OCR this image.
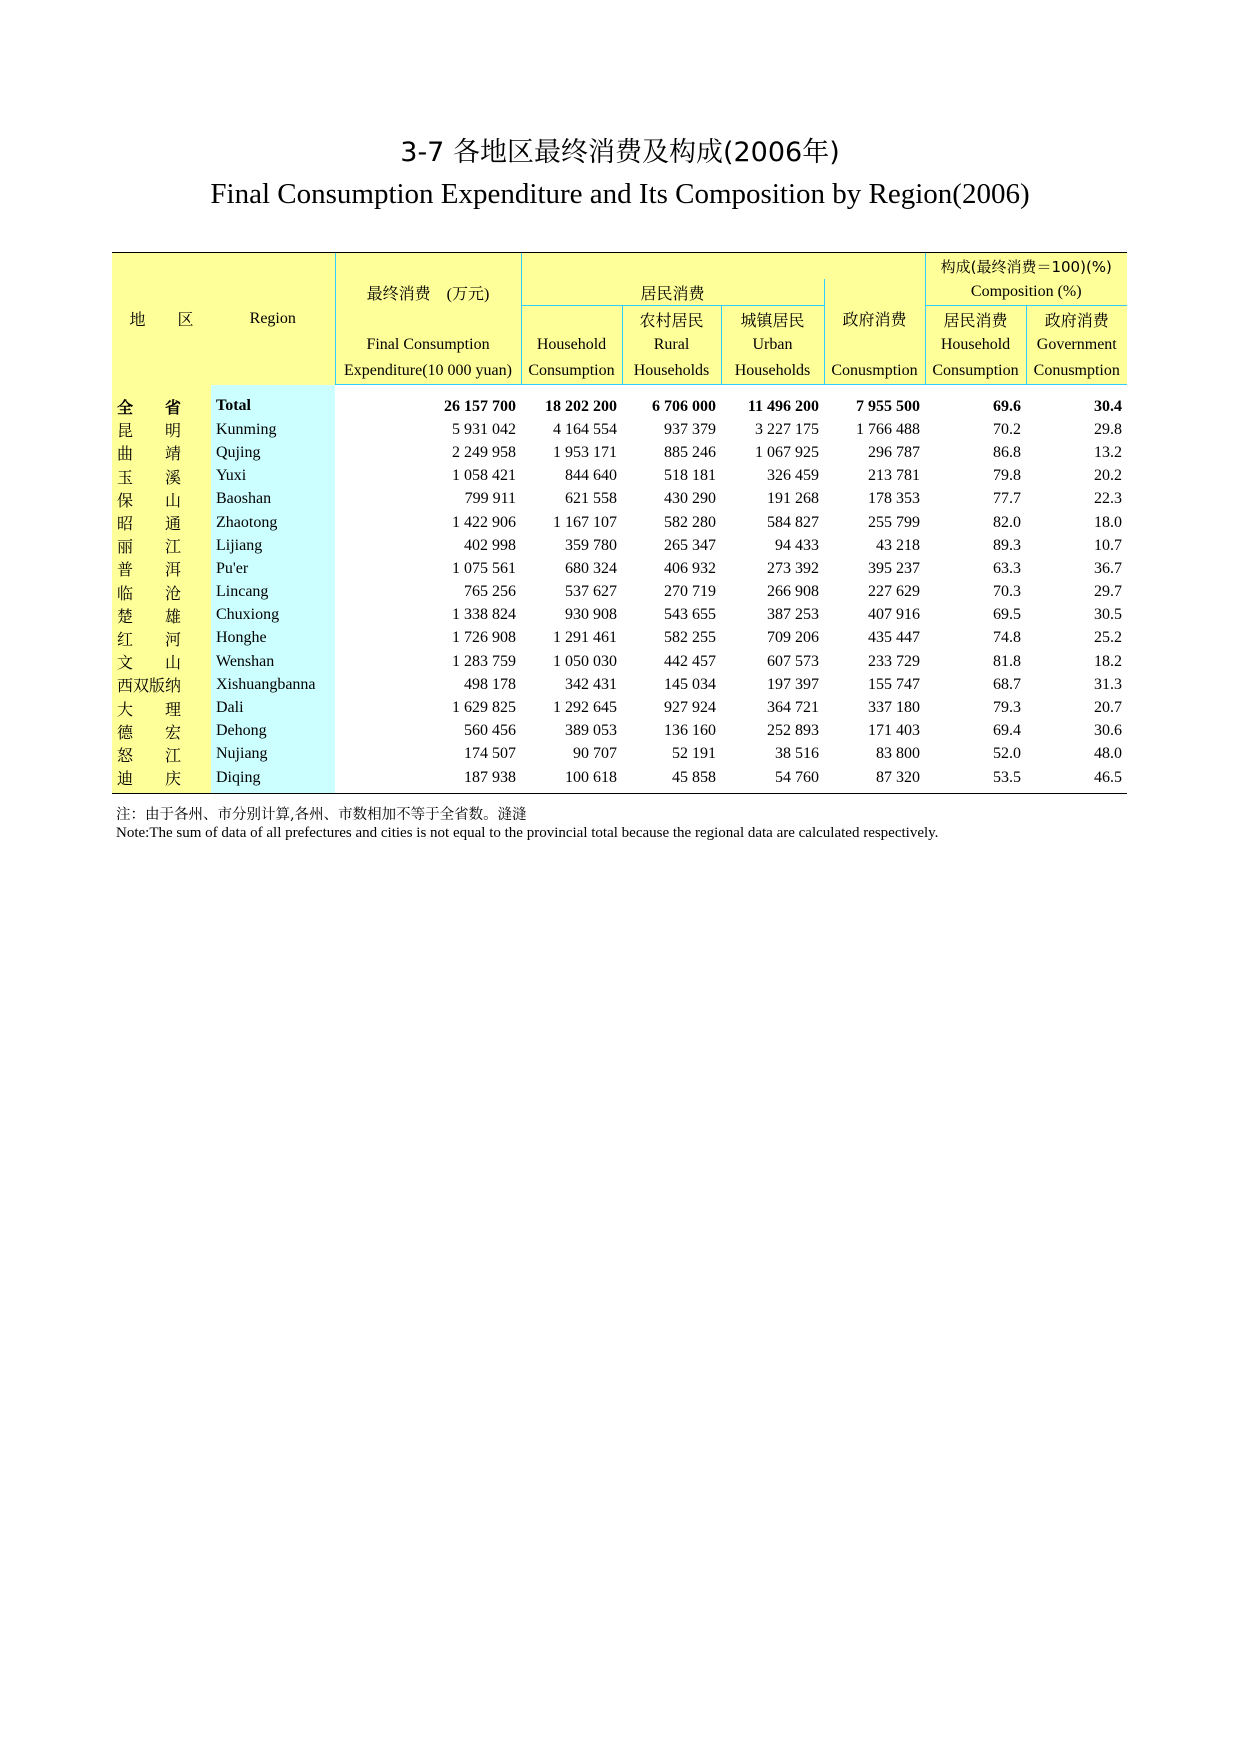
3-7 各地区最终消费及构成(2006年)
Final Consumption Expenditure and Its Composition by Region(2006)
地　　区	Region	最终消费　(万元)					构成(最终消费＝100)(%)	
			居民消费			政府消费	Composition (%)	
				农村居民	城镇居民		居民消费	政府消费
		Final Consumption	Household	Rural	Urban		Household	Government
		Expenditure(10 000 yuan)	Consumption	Households	Households	Conusmption	Consumption	Conusmption
全　　省	Total	26 157 700	18 202 200	6 706 000	11 496 200	7 955 500	69.6	30.4
昆　　明	Kunming	5 931 042	4 164 554	937 379	3 227 175	1 766 488	70.2	29.8
曲　　靖	Qujing	2 249 958	1 953 171	885 246	1 067 925	296 787	86.8	13.2
玉　　溪	Yuxi	1 058 421	844 640	518 181	326 459	213 781	79.8	20.2
保　　山	Baoshan	799 911	621 558	430 290	191 268	178 353	77.7	22.3
昭　　通	Zhaotong	1 422 906	1 167 107	582 280	584 827	255 799	82.0	18.0
丽　　江	Lijiang	402 998	359 780	265 347	94 433	43 218	89.3	10.7
普　　洱	Pu'er	1 075 561	680 324	406 932	273 392	395 237	63.3	36.7
临　　沧	Lincang	765 256	537 627	270 719	266 908	227 629	70.3	29.7
楚　　雄	Chuxiong	1 338 824	930 908	543 655	387 253	407 916	69.5	30.5
红　　河	Honghe	1 726 908	1 291 461	582 255	709 206	435 447	74.8	25.2
文　　山	Wenshan	1 283 759	1 050 030	442 457	607 573	233 729	81.8	18.2
西双版纳	Xishuangbanna	498 178	342 431	145 034	197 397	155 747	68.7	31.3
大　　理	Dali	1 629 825	1 292 645	927 924	364 721	337 180	79.3	20.7
德　　宏	Dehong	560 456	389 053	136 160	252 893	171 403	69.4	30.6
怒　　江	Nujiang	174 507	90 707	52 191	38 516	83 800	52.0	48.0
迪　　庆	Diqing	187 938	100 618	45 858	54 760	87 320	53.5	46.5
注：由于各州、市分别计算,各州、市数相加不等于全省数。漨漨
Note:The sum of data of all prefectures and cities is not equal to the provincial total because the regional data are calculated respectively.
